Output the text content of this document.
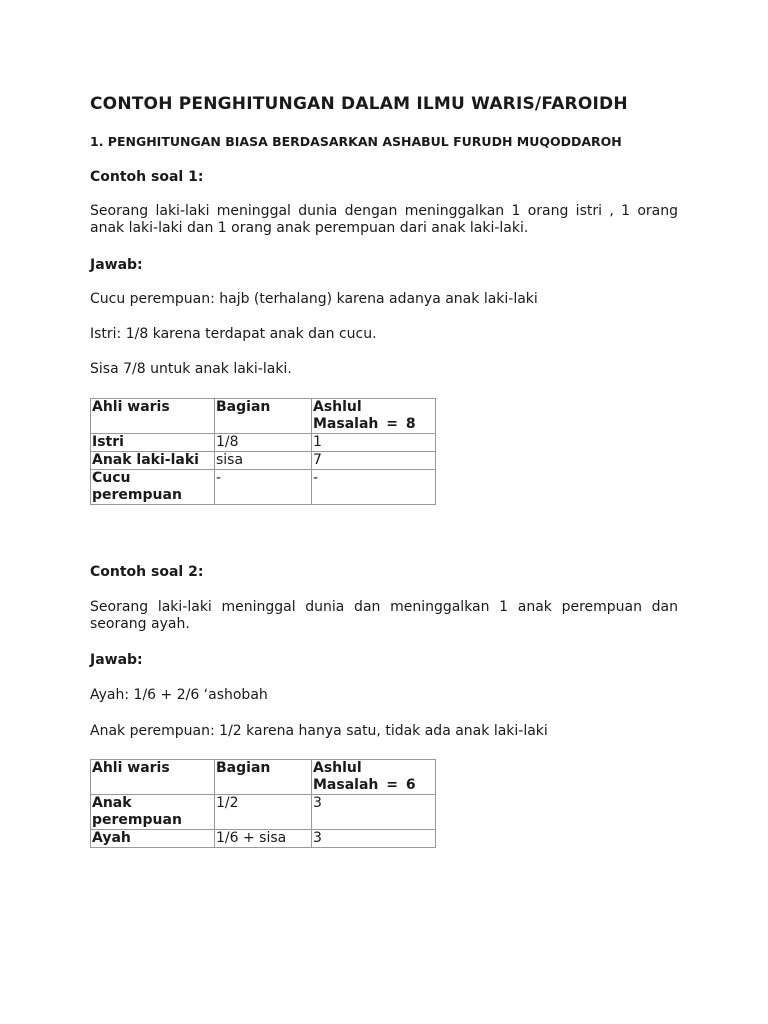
CONTOH PENGHITUNGAN DALAM ILMU WARIS/FAROIDH
1. PENGHITUNGAN BIASA BERDASARKAN ASHABUL FURUDH MUQODDAROH
Contoh soal 1:
Seorang laki-laki meninggal dunia dengan meninggalkan 1 orang istri , 1 orang anak laki-laki dan 1 orang anak perempuan dari anak laki-laki.
Jawab:
Cucu perempuan: hajb (terhalang) karena adanya anak laki-laki
Istri: 1/8 karena terdapat anak dan cucu.
Sisa 7/8 untuk anak laki-laki.
Ahli waris	Bagian	Ashlul Masalah = 8
Istri	1/8	1
Anak laki-laki	sisa	7
Cucu perempuan	-	-
Contoh soal 2:
Seorang laki-laki meninggal dunia dan meninggalkan 1 anak perempuan dan seorang ayah.
Jawab:
Ayah: 1/6 + 2/6 ‘ashobah
Anak perempuan: 1/2 karena hanya satu, tidak ada anak laki-laki
Ahli waris	Bagian	Ashlul Masalah = 6
Anak perempuan	1/2	3
Ayah	1/6 + sisa	3
